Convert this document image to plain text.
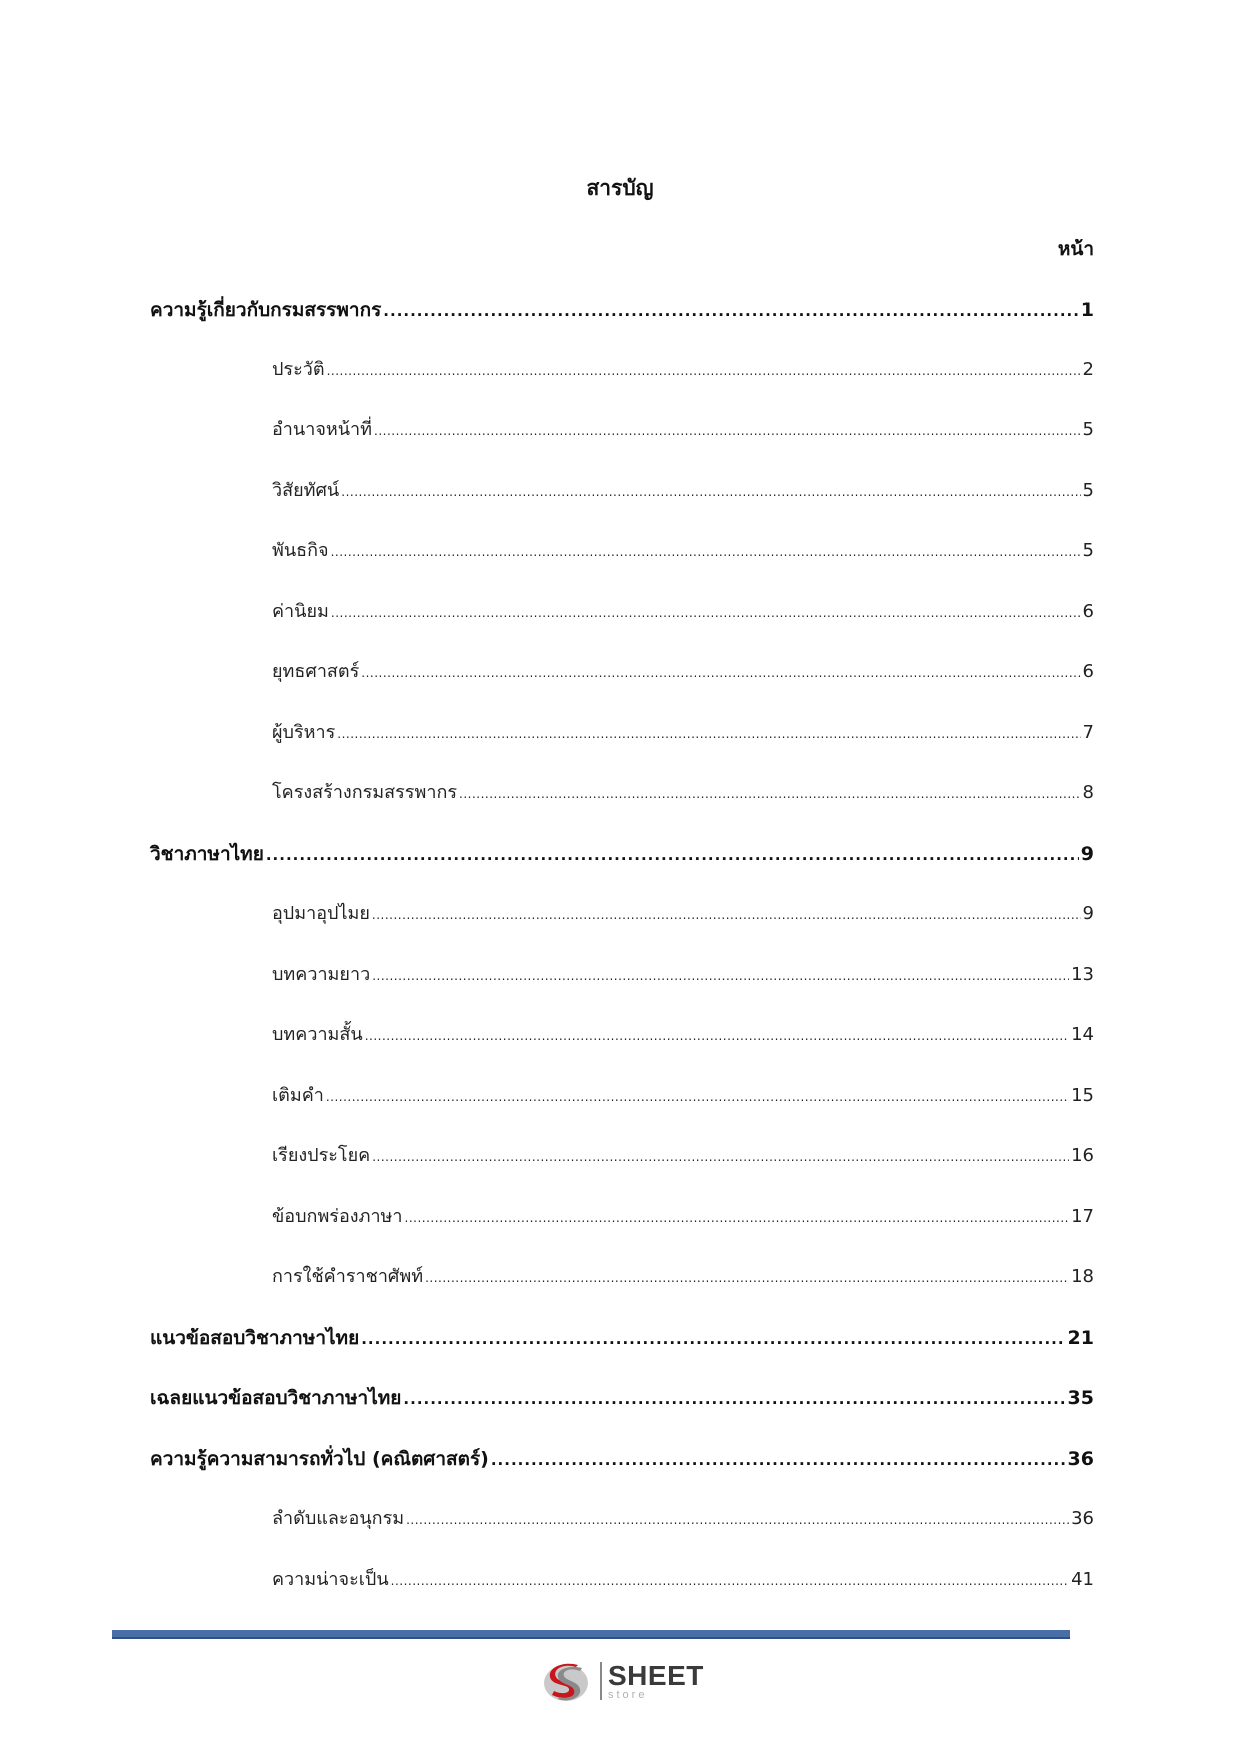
สารบัญ
หน้า
ความรู้เกี่ยวกับกรมสรรพากร .....	1
ประวัติ .....	2
อำนาจหน้าที่ .....	5
วิสัยทัศน์ .....	5
พันธกิจ .....	5
ค่านิยม .....	6
ยุทธศาสตร์ .....	6
ผู้บริหาร .....	7
โครงสร้างกรมสรรพากร .....	8
วิชาภาษาไทย .....	9
อุปมาอุปไมย .....	9
บทความยาว .....	13
บทความสั้น .....	14
เติมคำ .....	15
เรียงประโยค .....	16
ข้อบกพร่องภาษา .....	17
การใช้คำราชาศัพท์ .....	18
แนวข้อสอบวิชาภาษาไทย .....	21
เฉลยแนวข้อสอบวิชาภาษาไทย .....	35
ความรู้ความสามารถทั่วไป (คณิตศาสตร์) .....	36
ลำดับและอนุกรม .....	36
ความน่าจะเป็น .....	41
SHEET
store
